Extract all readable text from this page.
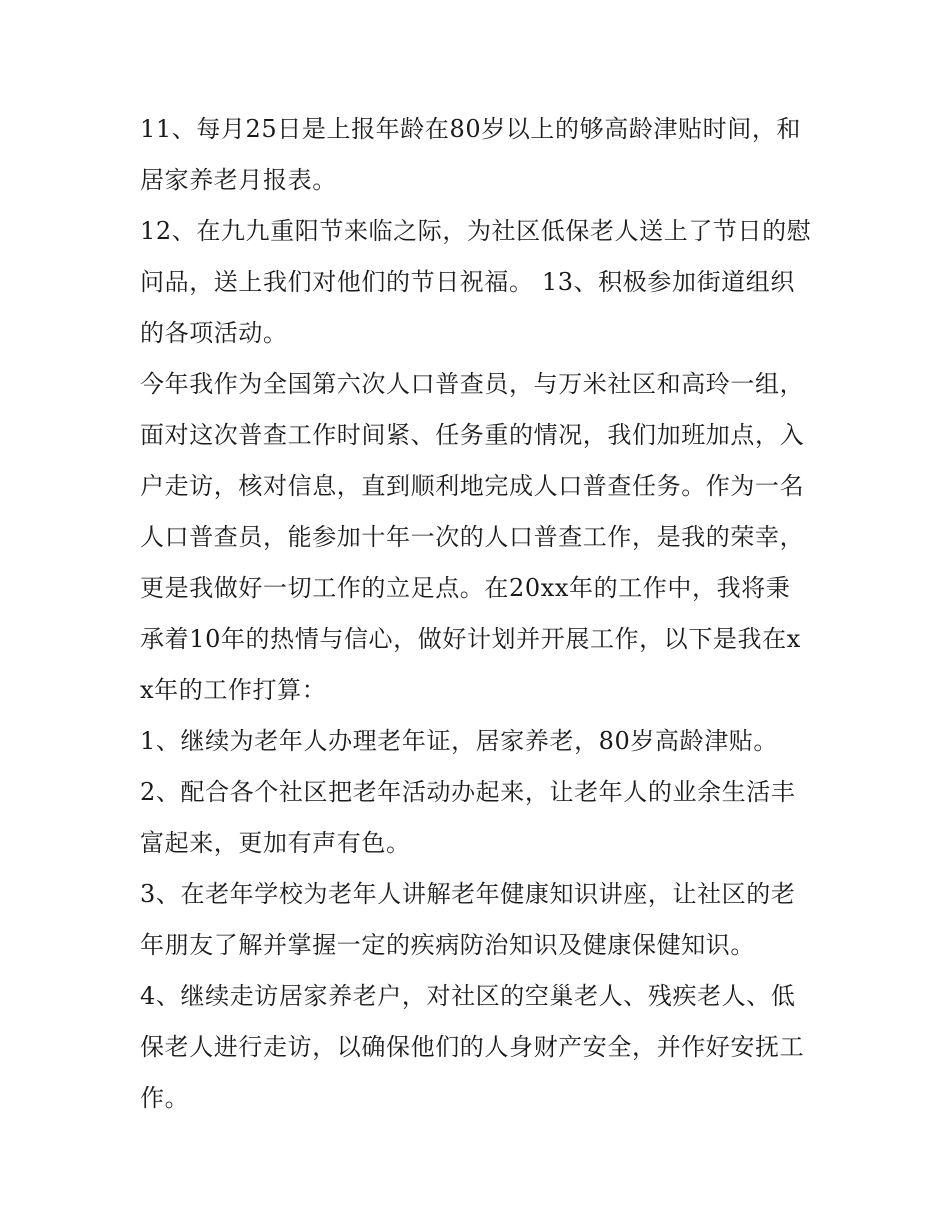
11、每月25日是上报年龄在80岁以上的够高龄津贴时间，和居家养老月报表。

12、在九九重阳节来临之际，为社区低保老人送上了节日的慰问品，送上我们对他们的节日祝福。 13、积极参加街道组织的各项活动。

今年我作为全国第六次人口普查员，与万米社区和高玲一组，面对这次普查工作时间紧、任务重的情况，我们加班加点，入户走访，核对信息，直到顺利地完成人口普查任务。作为一名人口普查员，能参加十年一次的人口普查工作，是我的荣幸，更是我做好一切工作的立足点。在20xx年的工作中，我将秉承着10年的热情与信心，做好计划并开展工作，以下是我在xx年的工作打算：

1、继续为老年人办理老年证，居家养老，80岁高龄津贴。

2、配合各个社区把老年活动办起来，让老年人的业余生活丰富起来，更加有声有色。

3、在老年学校为老年人讲解老年健康知识讲座，让社区的老年朋友了解并掌握一定的疾病防治知识及健康保健知识。

4、继续走访居家养老户，对社区的空巢老人、残疾老人、低保老人进行走访，以确保他们的人身财产安全，并作好安抚工作。
